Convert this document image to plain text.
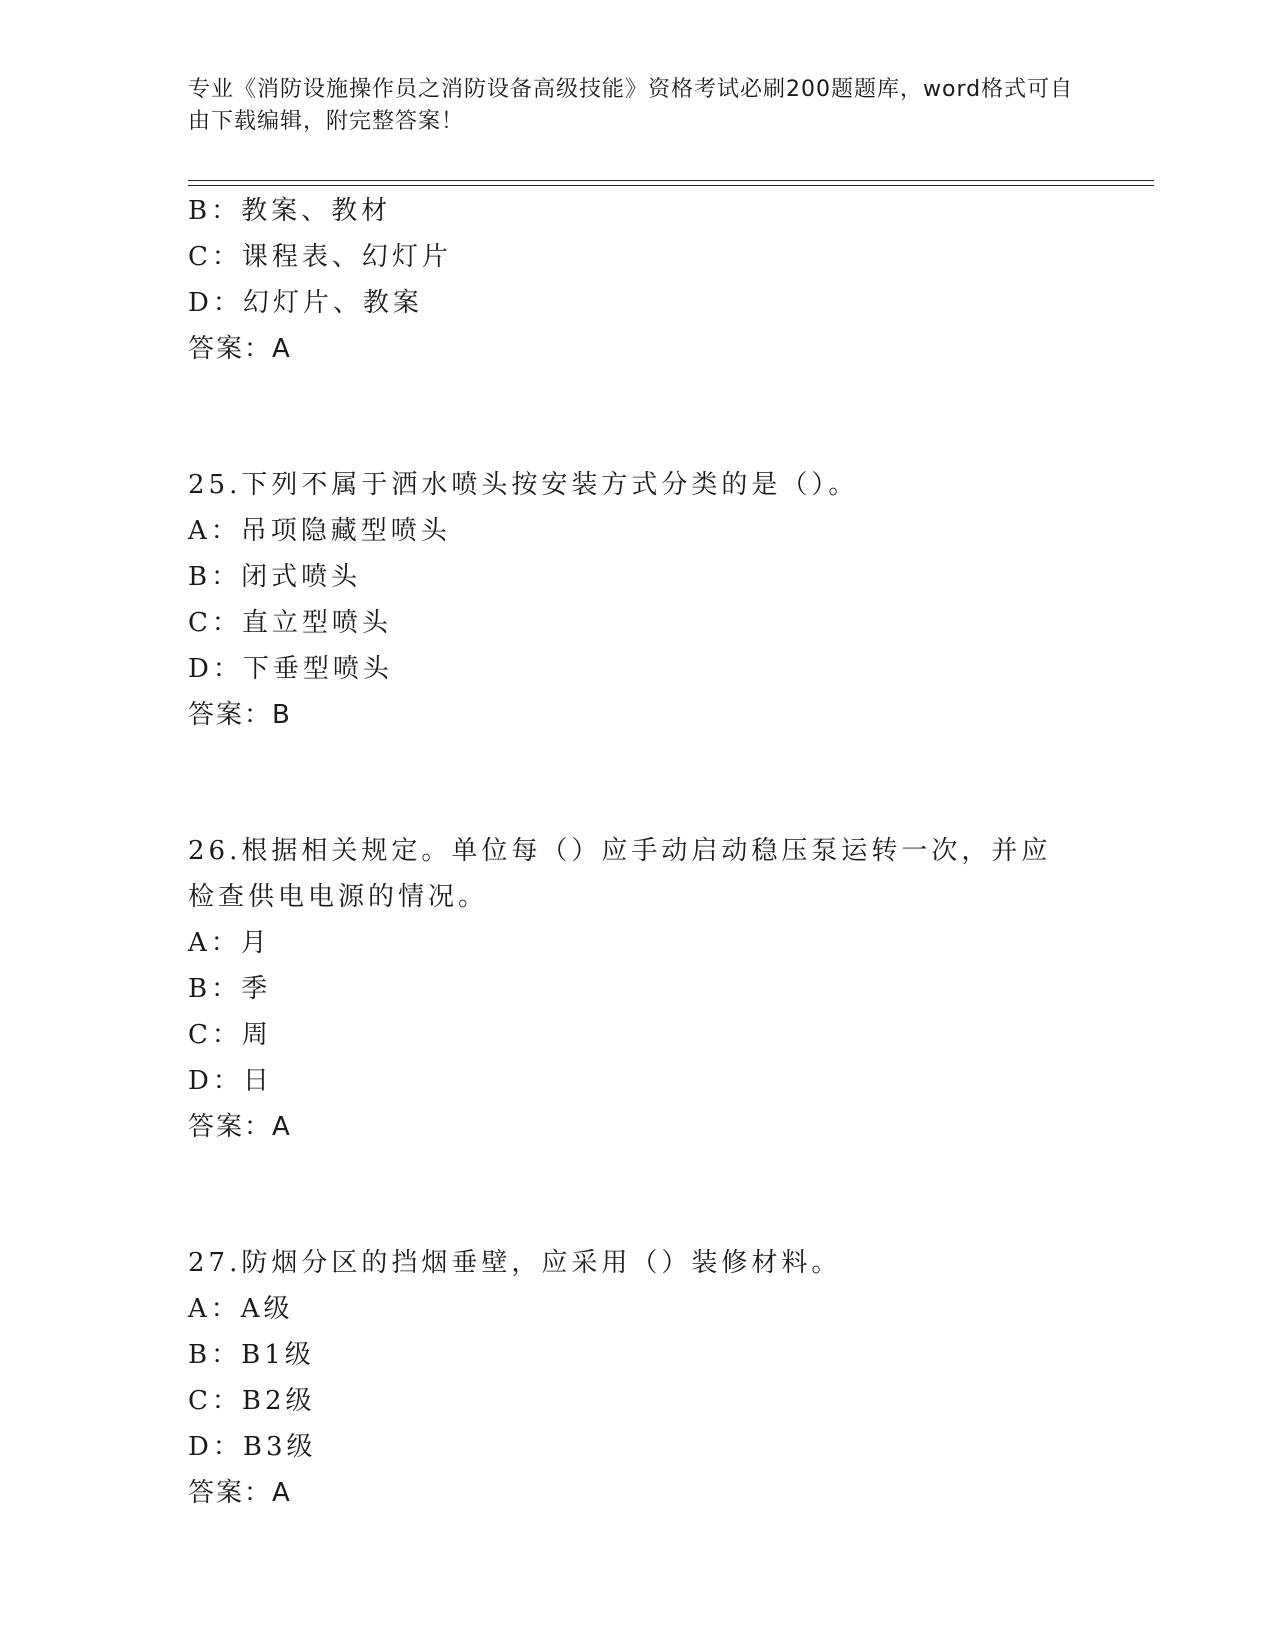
专业《消防设施操作员之消防设备高级技能》资格考试必刷200题题库，word格式可自由下载编辑，附完整答案！
B：教案、教材
C：课程表、幻灯片
D：幻灯片、教案
答案：A
25.下列不属于洒水喷头按安装方式分类的是（）。
A：吊项隐藏型喷头
B：闭式喷头
C：直立型喷头
D：下垂型喷头
答案：B
26.根据相关规定。单位每（）应手动启动稳压泵运转一次，并应检查供电电源的情况。
A：月
B：季
C：周
D：日
答案：A
27.防烟分区的挡烟垂壁，应采用（）装修材料。
A：A级
B：B1级
C：B2级
D：B3级
答案：A
